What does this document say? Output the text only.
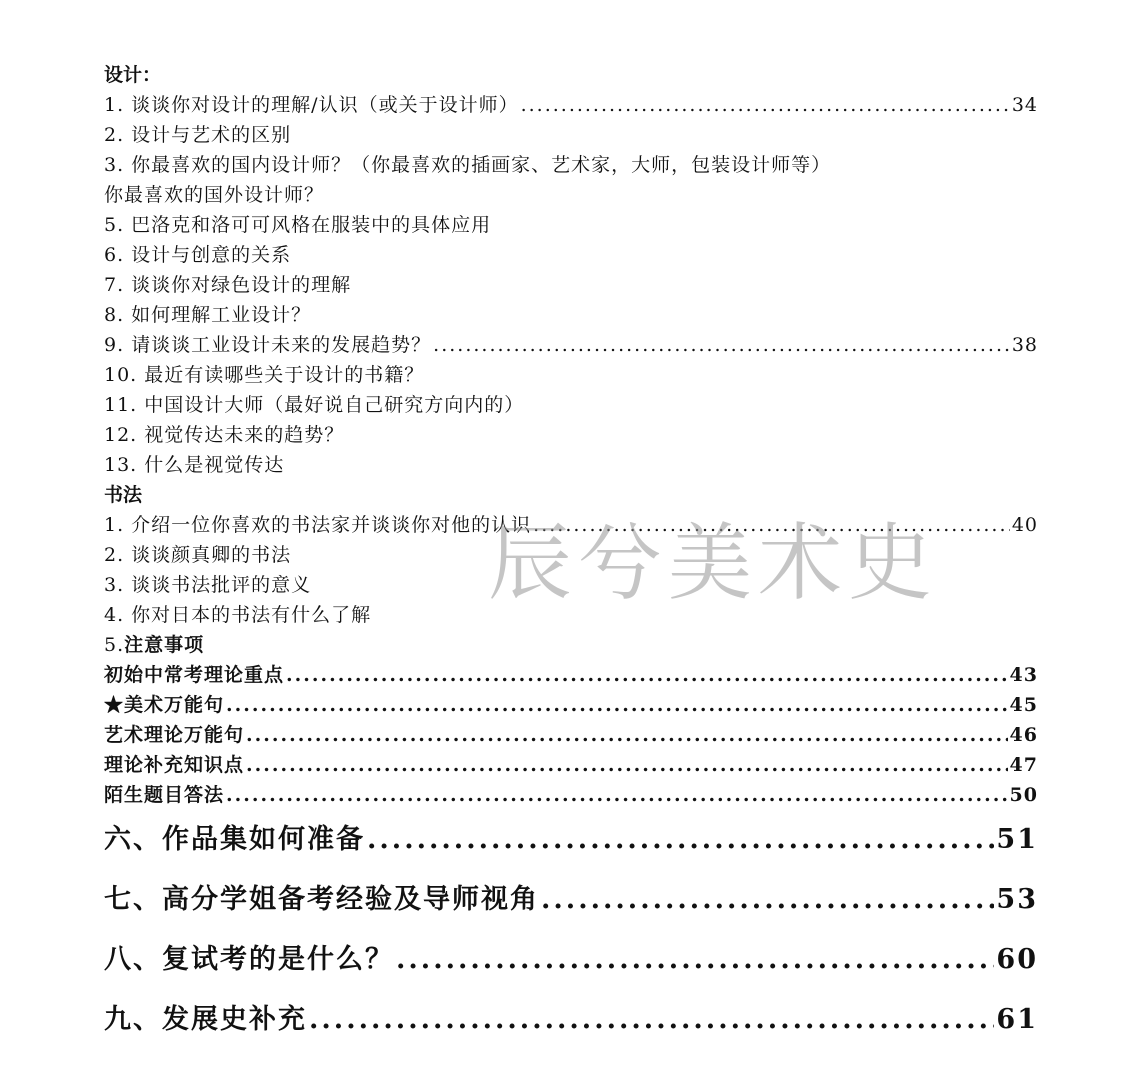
设计：
1. 谈谈你对设计的理解/认识（或关于设计师） .....	34
2. 设计与艺术的区别
3. 你最喜欢的国内设计师？（你最喜欢的插画家、艺术家，大师，包装设计师等）
你最喜欢的国外设计师？
5. 巴洛克和洛可可风格在服装中的具体应用
6. 设计与创意的关系
7. 谈谈你对绿色设计的理解
8. 如何理解工业设计？
9. 请谈谈工业设计未来的发展趋势？ .....	38
10. 最近有读哪些关于设计的书籍？
11. 中国设计大师（最好说自己研究方向内的）
12. 视觉传达未来的趋势？
13. 什么是视觉传达
书法
1. 介绍一位你喜欢的书法家并谈谈你对他的认识 .....	40
2. 谈谈颜真卿的书法
3. 谈谈书法批评的意义
4. 你对日本的书法有什么了解
5. 注意事项
初始中常考理论重点 .....	43
★美术万能句 .....	45
艺术理论万能句 .....	46
理论补充知识点 .....	47
陌生题目答法 .....	50
六、作品集如何准备 .....	51
七、高分学姐备考经验及导师视角 .....	53
八、复试考的是什么？ .....	60
九、发展史补充 .....	61
辰兮美术史
